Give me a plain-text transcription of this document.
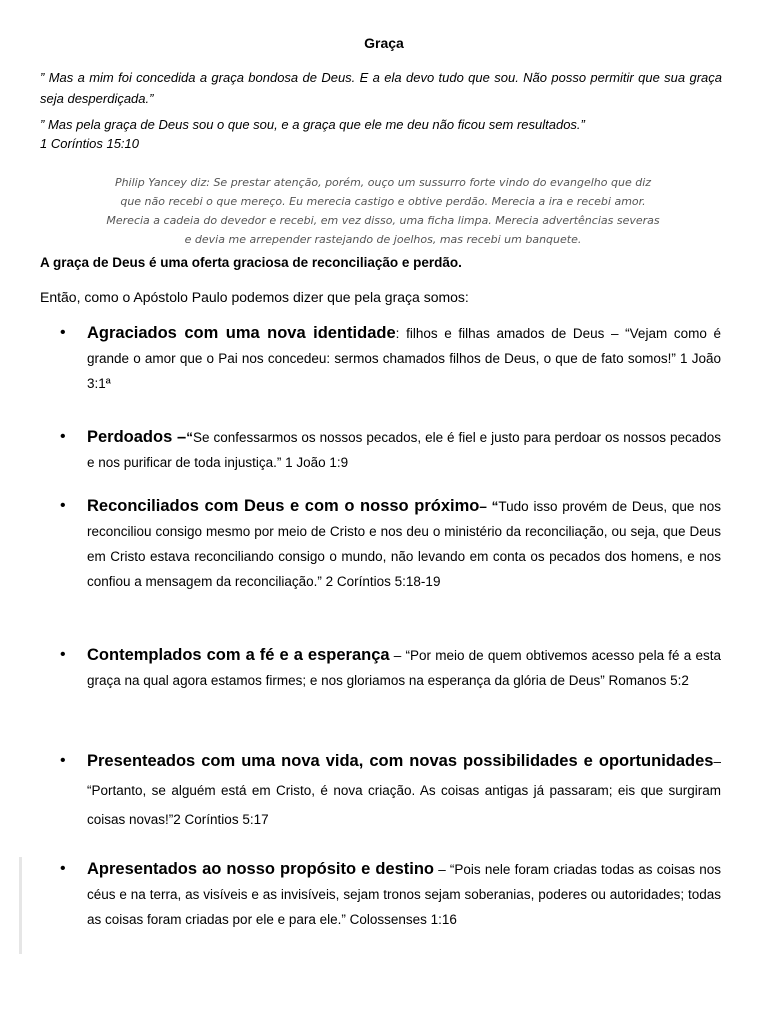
Graça
” Mas a mim foi concedida a graça bondosa de Deus. E a ela devo tudo que sou. Não posso permitir que sua graça seja desperdiçada.”
” Mas pela graça de Deus sou o que sou, e a graça que ele me deu não ficou sem resultados.”
1 Coríntios 15:10
Philip Yancey diz: Se prestar atenção, porém, ouço um sussurro forte vindo do evangelho que diz
que não recebi o que mereço. Eu merecia castigo e obtive perdão. Merecia a ira e recebi amor.
Merecia a cadeia do devedor e recebi, em vez disso, uma ficha limpa. Merecia advertências severas
e devia me arrepender rastejando de joelhos, mas recebi um banquete.
A graça de Deus é uma oferta graciosa de reconciliação e perdão.
Então, como o Apóstolo Paulo podemos dizer que pela graça somos:
• Agraciados com uma nova identidade: filhos e filhas amados de Deus – “Vejam como é grande o amor que o Pai nos concedeu: sermos chamados filhos de Deus, o que de fato somos!” 1 João 3:1ª
• Perdoados –“Se confessarmos os nossos pecados, ele é fiel e justo para perdoar os nossos pecados e nos purificar de toda injustiça.” 1 João 1:9
• Reconciliados com Deus e com o nosso próximo– “Tudo isso provém de Deus, que nos reconciliou consigo mesmo por meio de Cristo e nos deu o ministério da reconciliação, ou seja, que Deus em Cristo estava reconciliando consigo o mundo, não levando em conta os pecados dos homens, e nos confiou a mensagem da reconciliação.” 2 Coríntios 5:18-19
• Contemplados com a fé e a esperança – “Por meio de quem obtivemos acesso pela fé a esta graça na qual agora estamos firmes; e nos gloriamos na esperança da glória de Deus” Romanos 5:2
• Presenteados com uma nova vida, com novas possibilidades e oportunidades– “Portanto, se alguém está em Cristo, é nova criação. As coisas antigas já passaram; eis que surgiram coisas novas!”2 Coríntios 5:17
• Apresentados ao nosso propósito e destino – “Pois nele foram criadas todas as coisas nos céus e na terra, as visíveis e as invisíveis, sejam tronos sejam soberanias, poderes ou autoridades; todas as coisas foram criadas por ele e para ele.” Colossenses 1:16
